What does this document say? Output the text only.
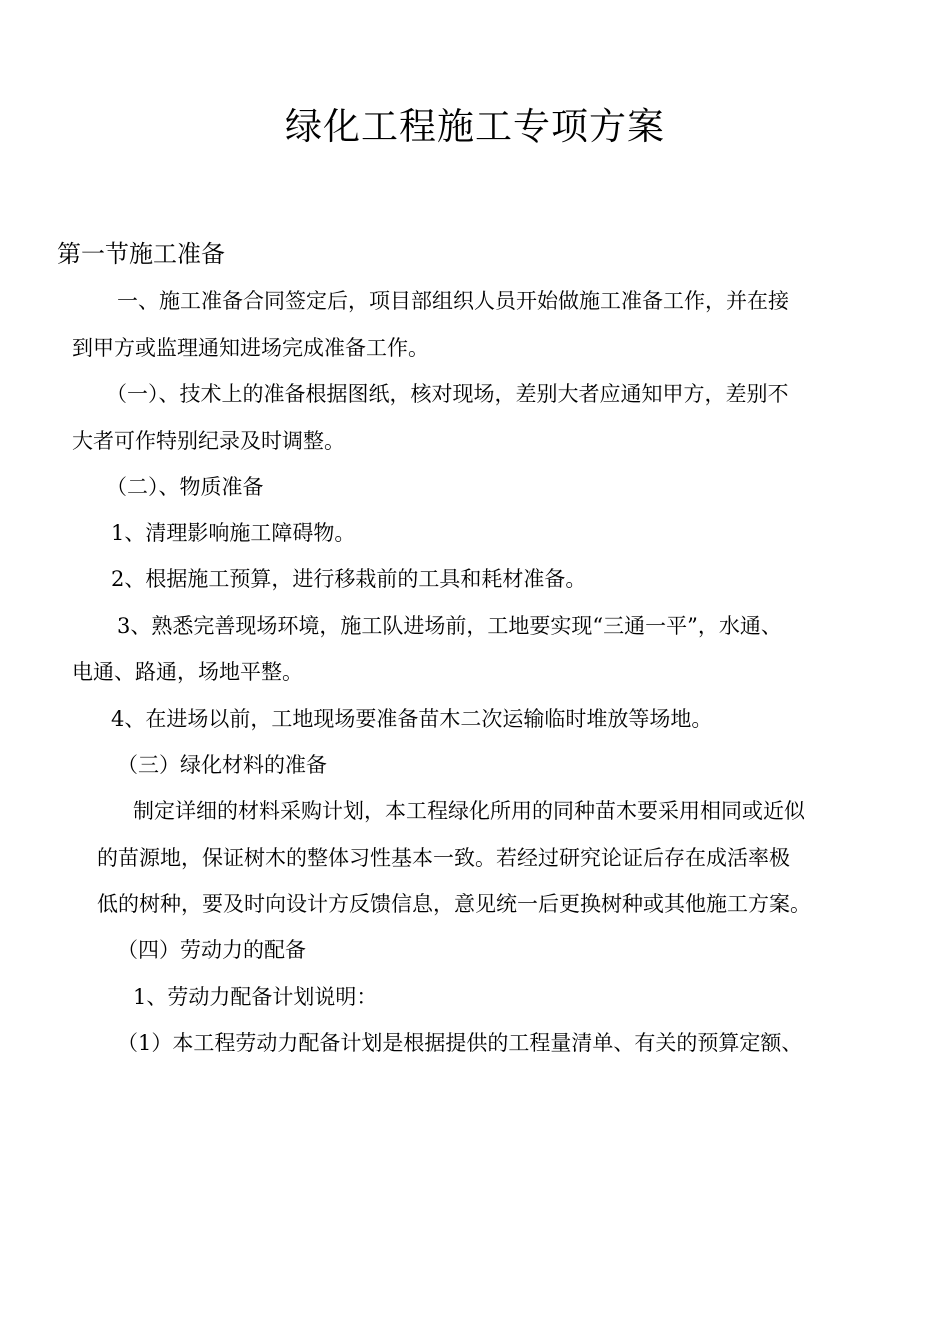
绿化工程施工专项方案
第一节施工准备
一、施工准备合同签定后，项目部组织人员开始做施工准备工作，并在接
到甲方或监理通知进场完成准备工作。
（一）、技术上的准备根据图纸，核对现场，差别大者应通知甲方，差别不
大者可作特别纪录及时调整。
（二）、物质准备
1、清理影响施工障碍物。
2、根据施工预算，进行移栽前的工具和耗材准备。
3、熟悉完善现场环境，施工队进场前，工地要实现“三通一平”，水通、
电通、路通，场地平整。
4、在进场以前，工地现场要准备苗木二次运输临时堆放等场地。
（三）绿化材料的准备
制定详细的材料采购计划，本工程绿化所用的同种苗木要采用相同或近似
的苗源地，保证树木的整体习性基本一致。若经过研究论证后存在成活率极
低的树种，要及时向设计方反馈信息，意见统一后更换树种或其他施工方案。
（四）劳动力的配备
1、劳动力配备计划说明：
（1）本工程劳动力配备计划是根据提供的工程量清单、有关的预算定额、
